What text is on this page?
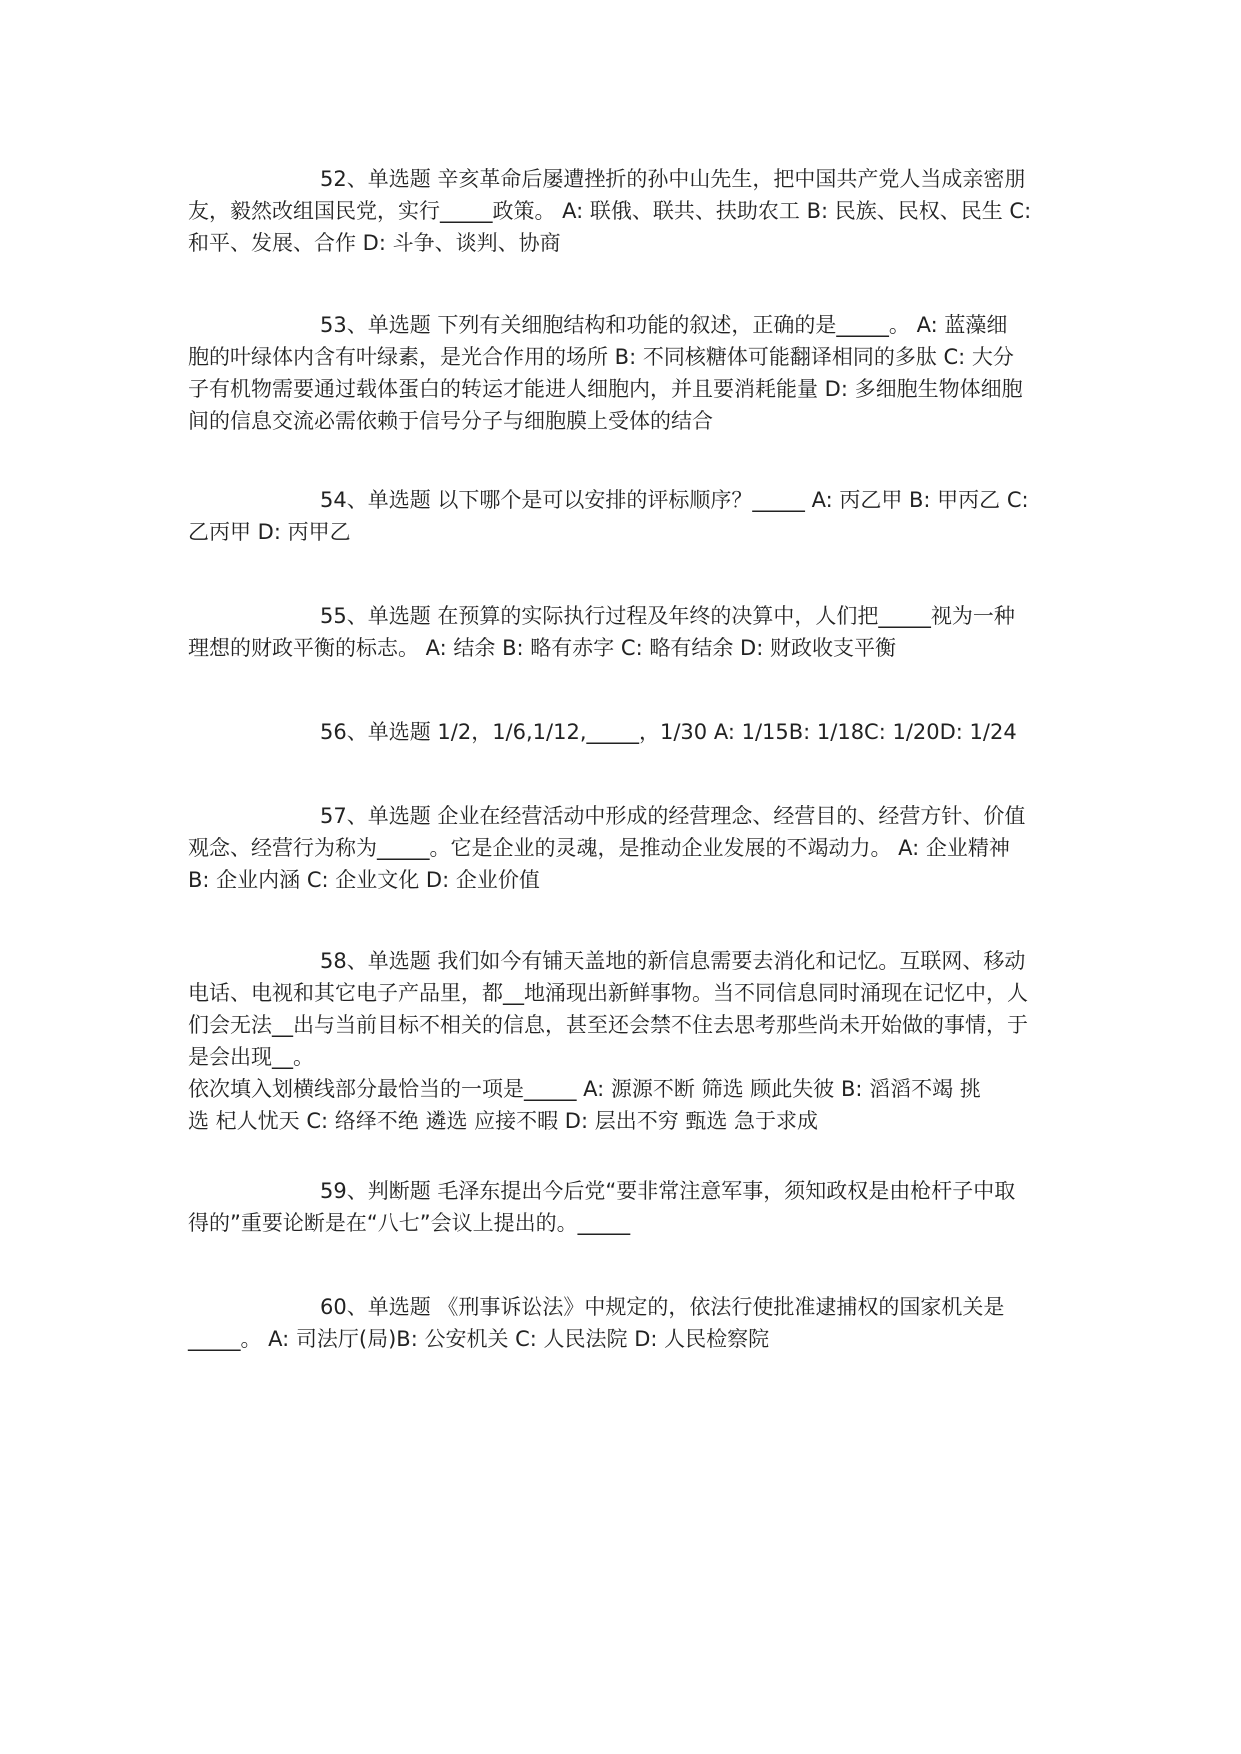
52、单选题 辛亥革命后屡遭挫折的孙中山先生，把中国共产党人当成亲密朋
友，毅然改组国民党，实行_____政策。 A: 联俄、联共、扶助农工 B: 民族、民权、民生 C:
和平、发展、合作 D: 斗争、谈判、协商
53、单选题 下列有关细胞结构和功能的叙述，正确的是_____。 A: 蓝藻细
胞的叶绿体内含有叶绿素，是光合作用的场所 B: 不同核糖体可能翻译相同的多肽 C: 大分
子有机物需要通过载体蛋白的转运才能进人细胞内，并且要消耗能量 D: 多细胞生物体细胞
间的信息交流必需依赖于信号分子与细胞膜上受体的结合
54、单选题 以下哪个是可以安排的评标顺序？_____ A: 丙乙甲 B: 甲丙乙 C:
乙丙甲 D: 丙甲乙
55、单选题 在预算的实际执行过程及年终的决算中，人们把_____视为一种
理想的财政平衡的标志。 A: 结余 B: 略有赤字 C: 略有结余 D: 财政收支平衡
56、单选题 1/2，1/6,1/12,_____，1/30 A: 1/15B: 1/18C: 1/20D: 1/24
57、单选题 企业在经营活动中形成的经营理念、经营目的、经营方针、价值
观念、经营行为称为_____。它是企业的灵魂，是推动企业发展的不竭动力。 A: 企业精神
B: 企业内涵 C: 企业文化 D: 企业价值
58、单选题 我们如今有铺天盖地的新信息需要去消化和记忆。互联网、移动
电话、电视和其它电子产品里，都__地涌现出新鲜事物。当不同信息同时涌现在记忆中，人
们会无法__出与当前目标不相关的信息，甚至还会禁不住去思考那些尚未开始做的事情，于
是会出现__。
依次填入划横线部分最恰当的一项是_____ A: 源源不断 筛选 顾此失彼 B: 滔滔不竭 挑
选 杞人忧天 C: 络绎不绝 遴选 应接不暇 D: 层出不穷 甄选 急于求成
59、判断题 毛泽东提出今后党“要非常注意军事，须知政权是由枪杆子中取
得的”重要论断是在“八七”会议上提出的。_____
60、单选题 《刑事诉讼法》中规定的，依法行使批准逮捕权的国家机关是
_____。 A: 司法厅(局)B: 公安机关 C: 人民法院 D: 人民检察院
